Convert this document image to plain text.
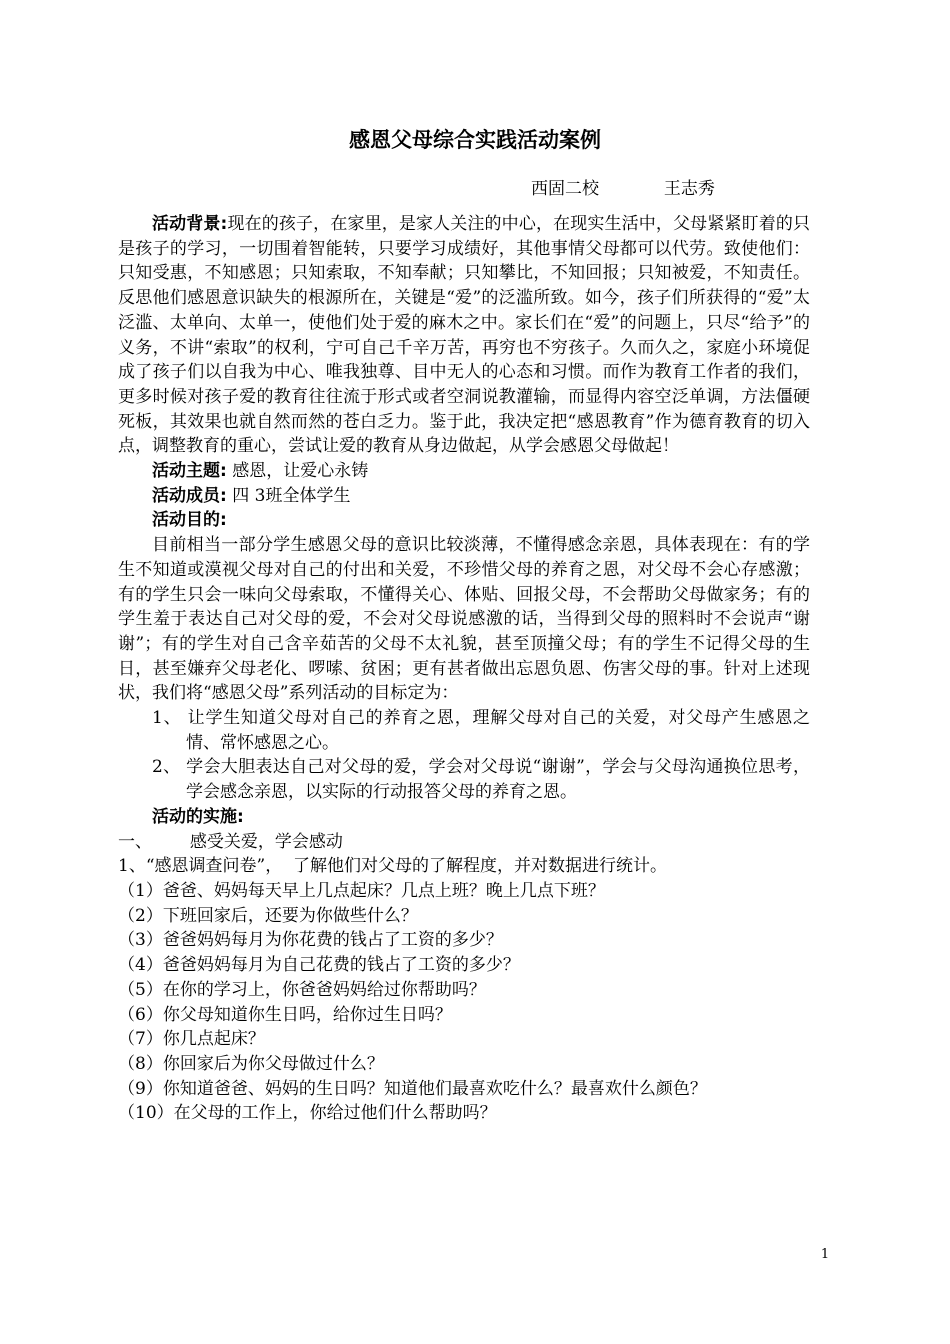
感恩父母综合实践活动案例
西固二校            王志秀

活动背景:现在的孩子，在家里，是家人关注的中心，在现实生活中，父母紧紧盯着的只是孩子的学习，一切围着智能转，只要学习成绩好，其他事情父母都可以代劳。致使他们：只知受惠，不知感恩；只知索取，不知奉献；只知攀比，不知回报；只知被爱，不知责任。反思他们感恩意识缺失的根源所在，关键是“爱”的泛滥所致。如今，孩子们所获得的“爱”太泛滥、太单向、太单一，使他们处于爱的麻木之中。家长们在“爱”的问题上，只尽“给予”的义务，不讲“索取”的权利，宁可自己千辛万苦，再穷也不穷孩子。久而久之，家庭小环境促成了孩子们以自我为中心、唯我独尊、目中无人的心态和习惯。而作为教育工作者的我们，更多时候对孩子爱的教育往往流于形式或者空洞说教灌输，而显得内容空泛单调，方法僵硬死板，其效果也就自然而然的苍白乏力。鉴于此，我决定把“感恩教育”作为德育教育的切入点，调整教育的重心，尝试让爱的教育从身边做起，从学会感恩父母做起！

活动主题: 感恩，让爱心永铸

活动成员: 四 3班全体学生

活动目的:

目前相当一部分学生感恩父母的意识比较淡薄，不懂得感念亲恩，具体表现在：有的学生不知道或漠视父母对自己的付出和关爱，不珍惜父母的养育之恩，对父母不会心存感激；有的学生只会一味向父母索取，不懂得关心、体贴、回报父母，不会帮助父母做家务；有的学生羞于表达自己对父母的爱，不会对父母说感激的话，当得到父母的照料时不会说声“谢谢”；有的学生对自己含辛茹苦的父母不太礼貌，甚至顶撞父母；有的学生不记得父母的生日，甚至嫌弃父母老化、啰嗦、贫困；更有甚者做出忘恩负恩、伤害父母的事。针对上述现状，我们将“感恩父母”系列活动的目标定为：

1、 让学生知道父母对自己的养育之恩，理解父母对自己的关爱，对父母产生感恩之情、常怀感恩之心。

2、 学会大胆表达自己对父母的爱，学会对父母说“谢谢”，学会与父母沟通换位思考，学会感念亲恩，以实际的行动报答父母的养育之恩。

活动的实施:

一、       感受关爱，学会感动

1、“感恩调查问卷”，  了解他们对父母的了解程度，并对数据进行统计。

（1）爸爸、妈妈每天早上几点起床？几点上班？晚上几点下班？

（2）下班回家后，还要为你做些什么？

（3）爸爸妈妈每月为你花费的钱占了工资的多少？

（4）爸爸妈妈每月为自己花费的钱占了工资的多少？

（5）在你的学习上，你爸爸妈妈给过你帮助吗？

（6）你父母知道你生日吗，给你过生日吗？

（7）你几点起床？

（8）你回家后为你父母做过什么？

（9）你知道爸爸、妈妈的生日吗？知道他们最喜欢吃什么？最喜欢什么颜色？

（10）在父母的工作上，你给过他们什么帮助吗？

1
